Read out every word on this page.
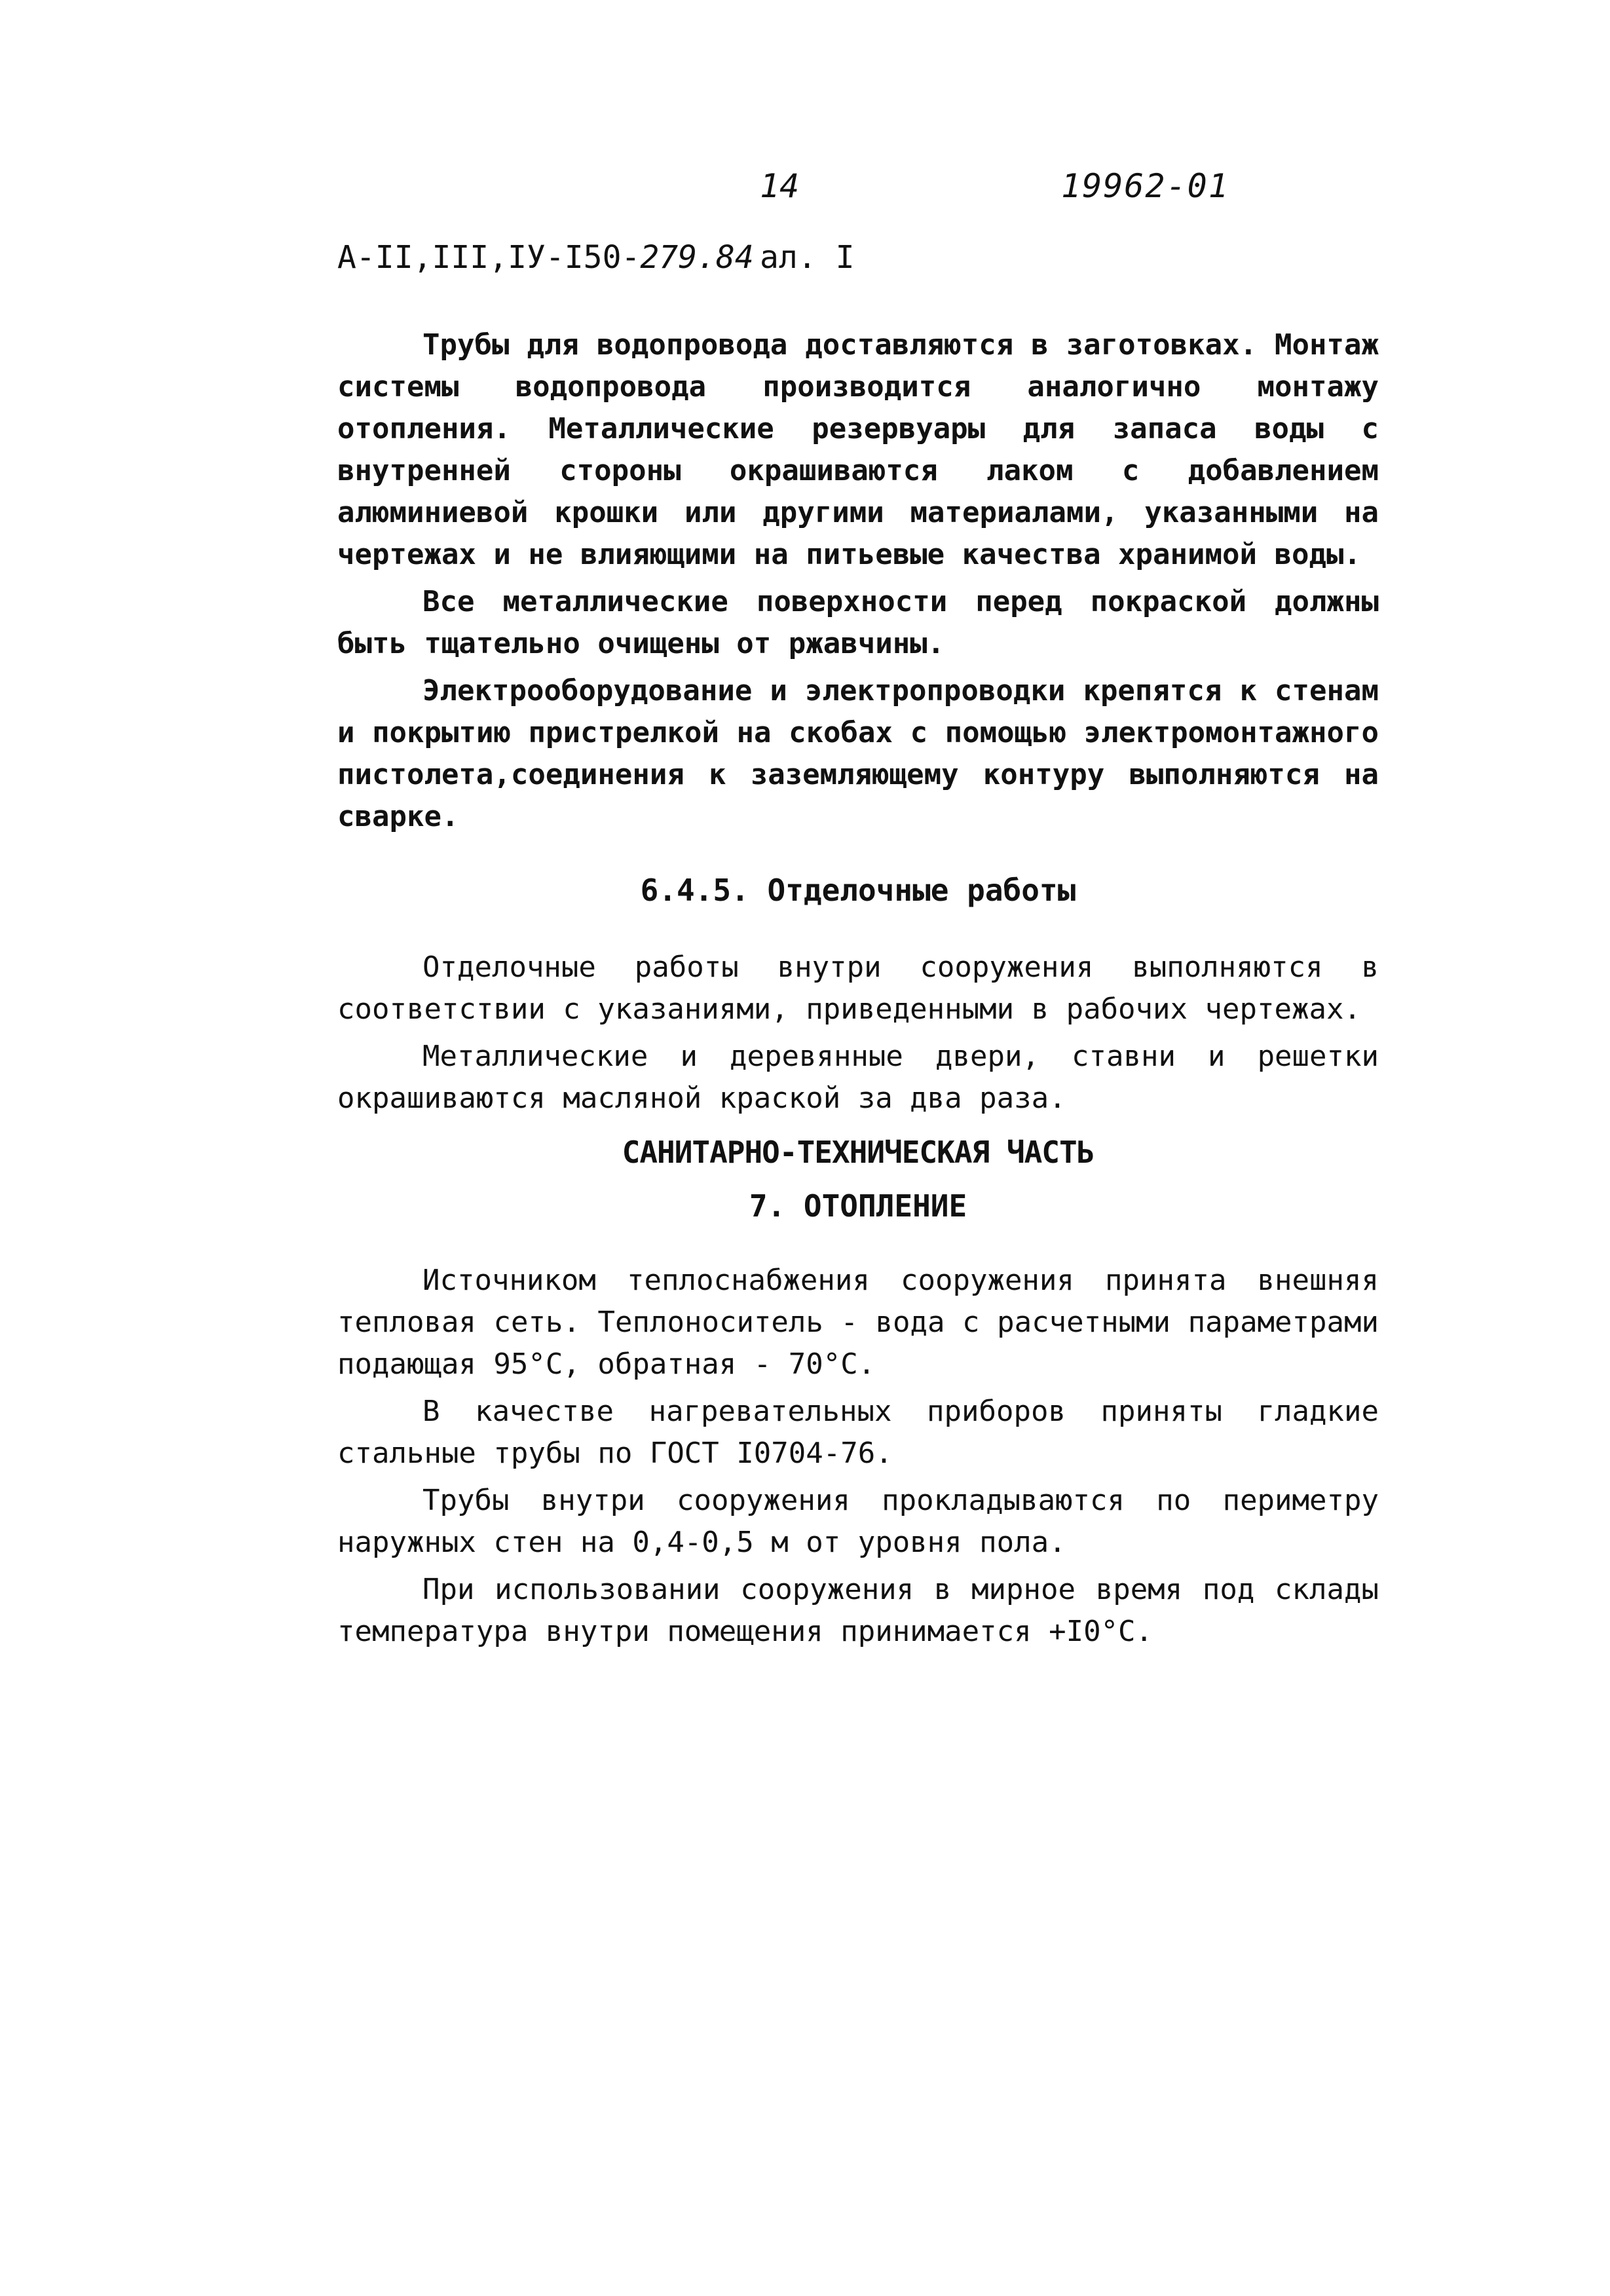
14	19962-01
А-II,III,IУ-I50-279.84 ал. I

Трубы для водопровода доставляются в заготовках. Монтаж системы водопровода производится аналогично монтажу отопления. Металлические резервуары для запаса воды с внутренней стороны окрашиваются лаком с добавлением алюминиевой крошки или другими материалами, указанными на чертежах и не влияющими на питьевые качества хранимой воды.

Все металлические поверхности перед покраской должны быть тщательно очищены от ржавчины.

Электрооборудование и электропроводки крепятся к стенам и покрытию пристрелкой на скобах с помощью электромонтажного пистолета,соединения к заземляющему контуру выполняются на сварке.

6.4.5. Отделочные работы

Отделочные работы внутри сооружения выполняются в соответствии с указаниями, приведенными в рабочих чертежах.

Металлические и деревянные двери, ставни и решетки окрашиваются масляной краской за два раза.

САНИТАРНО-ТЕХНИЧЕСКАЯ ЧАСТЬ
7. ОТОПЛЕНИЕ

Источником теплоснабжения сооружения принята внешняя тепловая сеть. Теплоноситель - вода с расчетными параметрами подающая 95°С, обратная - 70°С.

В качестве нагревательных приборов приняты гладкие стальные трубы по ГОСТ I0704-76.

Трубы внутри сооружения прокладываются по периметру наружных стен на 0,4-0,5 м от уровня пола.

При использовании сооружения в мирное время под склады температура внутри помещения принимается +I0°С.
